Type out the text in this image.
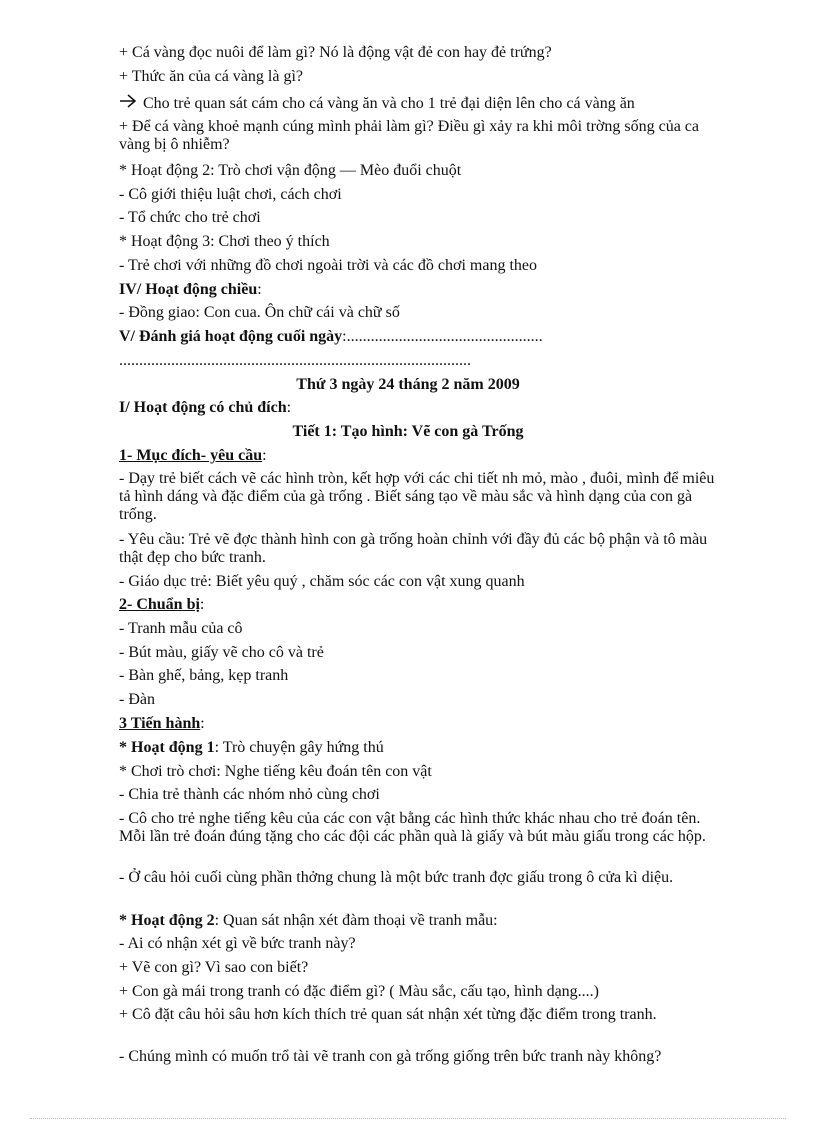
+ Cá vàng đọc nuôi để làm gì? Nó là động vật đẻ con hay đẻ trứng?
+ Thức ăn của cá vàng là gì?
Cho trẻ quan sát cám cho cá vàng ăn và cho 1 trẻ đại diện lên cho cá vàng ăn
+ Để cá vàng khoẻ mạnh cúng mình phải làm gì? Điều gì xảy ra khi môi trờng sống của ca vàng bị ô nhiễm?
* Hoạt động 2: Trò chơi vận động — Mèo đuổi chuột
- Cô giới thiệu luật chơi, cách chơi
- Tổ chức cho trẻ chơi
* Hoạt động 3: Chơi theo ý thích
- Trẻ chơi với những đồ chơi ngoài trời và các đồ chơi mang theo
IV/ Hoạt động chiều:
- Đồng giao: Con cua. Ôn chữ cái và chữ số
V/ Đánh giá hoạt động cuối ngày:.................................................
........................................................................................
Thứ 3 ngày 24 tháng 2 năm 2009
I/ Hoạt động có chủ đích:
Tiết 1: Tạo hình: Vẽ con gà Trống
1- Mục đích- yêu cầu:
- Dạy trẻ biết cách vẽ các hình tròn, kết hợp với các chi tiết nh mỏ, mào , đuôi, mình để miêu tả hình dáng và đặc điểm của gà trống . Biết sáng tạo về màu sắc và hình dạng của con gà trống.
- Yêu cầu: Trẻ vẽ đợc thành hình con gà trống hoàn chỉnh với đầy đủ các bộ phận và tô màu thật đẹp cho bức tranh.
- Giáo dục trẻ: Biết yêu quý , chăm sóc các con vật xung quanh
2- Chuẩn bị:
- Tranh mẫu của cô
- Bút màu, giấy vẽ cho cô và trẻ
- Bàn ghế, bảng, kẹp tranh
- Đàn
3 Tiến hành:
* Hoạt động 1: Trò chuyện gây hứng thú
* Chơi trò chơi: Nghe tiếng kêu đoán tên con vật
- Chia trẻ thành các nhóm nhỏ cùng chơi
- Cô cho trẻ nghe tiếng kêu của các con vật bằng các hình thức khác nhau cho trẻ đoán tên. Mỗi lần trẻ đoán đúng tặng cho các đội các phần quà là giấy và bút màu giấu trong các hộp.
- Ở câu hỏi cuối cùng phần thởng chung là một bức tranh đợc giấu trong ô cửa kì diệu.
* Hoạt động 2: Quan sát nhận xét đàm thoại về tranh mẫu:
- Ai có nhận xét gì về bức tranh này?
+ Vẽ con gì? Vì sao con biết?
+ Con gà mái trong tranh có đặc điểm gì? ( Màu sắc, cấu tạo, hình dạng....)
+ Cô đặt câu hỏi sâu hơn kích thích trẻ quan sát nhận xét từng đặc điểm trong tranh.
- Chúng mình có muốn trổ tài vẽ tranh con gà trống giống trên bức tranh này không?
